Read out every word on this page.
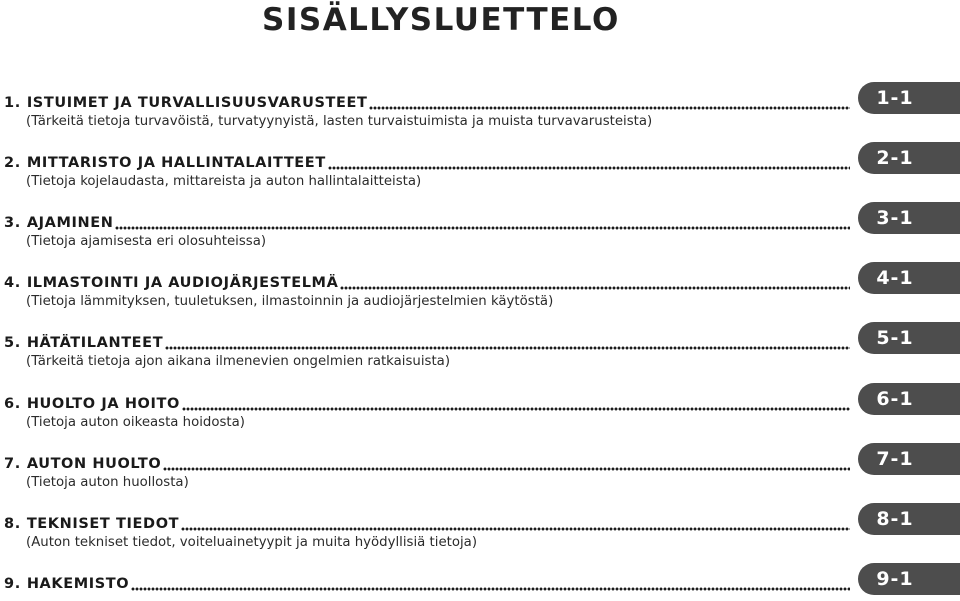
SISÄLLYSLUETTELO
1. ISTUIMET JA TURVALLISUUSVARUSTEET
(Tärkeitä tietoja turvavöistä, turvatyynyistä, lasten turvaistuimista ja muista turvavarusteista)
1-1
2. MITTARISTO JA HALLINTALAITTEET
(Tietoja kojelaudasta, mittareista ja auton hallintalaitteista)
2-1
3. AJAMINEN
(Tietoja ajamisesta eri olosuhteissa)
3-1
4. ILMASTOINTI JA AUDIOJÄRJESTELMÄ
(Tietoja lämmityksen, tuuletuksen, ilmastoinnin ja audiojärjestelmien käytöstä)
4-1
5. HÄTÄTILANTEET
(Tärkeitä tietoja ajon aikana ilmenevien ongelmien ratkaisuista)
5-1
6. HUOLTO JA HOITO
(Tietoja auton oikeasta hoidosta)
6-1
7. AUTON HUOLTO
(Tietoja auton huollosta)
7-1
8. TEKNISET TIEDOT
(Auton tekniset tiedot, voiteluainetyypit ja muita hyödyllisiä tietoja)
8-1
9. HAKEMISTO	9-1
